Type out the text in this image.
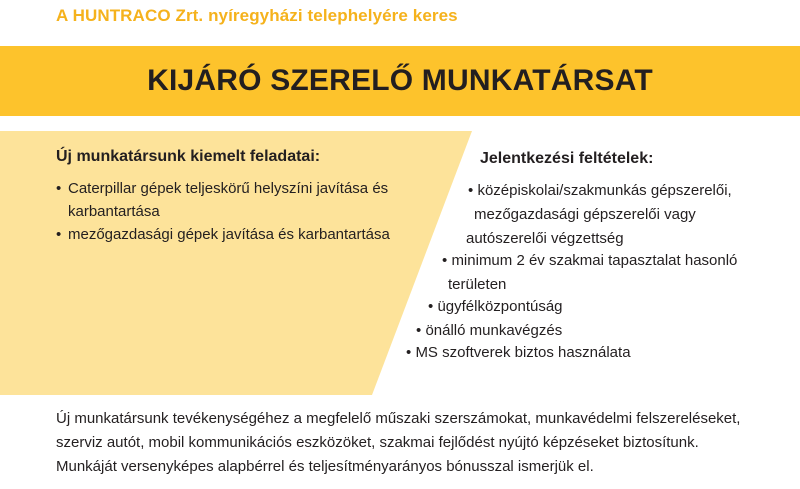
A HUNTRACO Zrt. nyíregyházi telephelyére keres
KIJÁRÓ SZERELŐ MUNKATÁRSAT
Új munkatársunk kiemelt feladatai:
• Caterpillar gépek teljeskörű helyszíni javítása és
karbantartása
• mezőgazdasági gépek javítása és karbantartása
Jelentkezési feltételek:
• középiskolai/szakmunkás gépszerelői,
mezőgazdasági gépszerelői vagy
autószerelői végzettség
• minimum 2 év szakmai tapasztalat hasonló
területen
• ügyfélközpontúság
• önálló munkavégzés
• MS szoftverek biztos használata
Új munkatársunk tevékenységéhez a megfelelő műszaki szerszámokat, munkavédelmi felszereléseket,
szerviz autót, mobil kommunikációs eszközöket, szakmai fejlődést nyújtó képzéseket biztosítunk.
Munkáját versenyképes alapbérrel és teljesítményarányos bónusszal ismerjük el.
